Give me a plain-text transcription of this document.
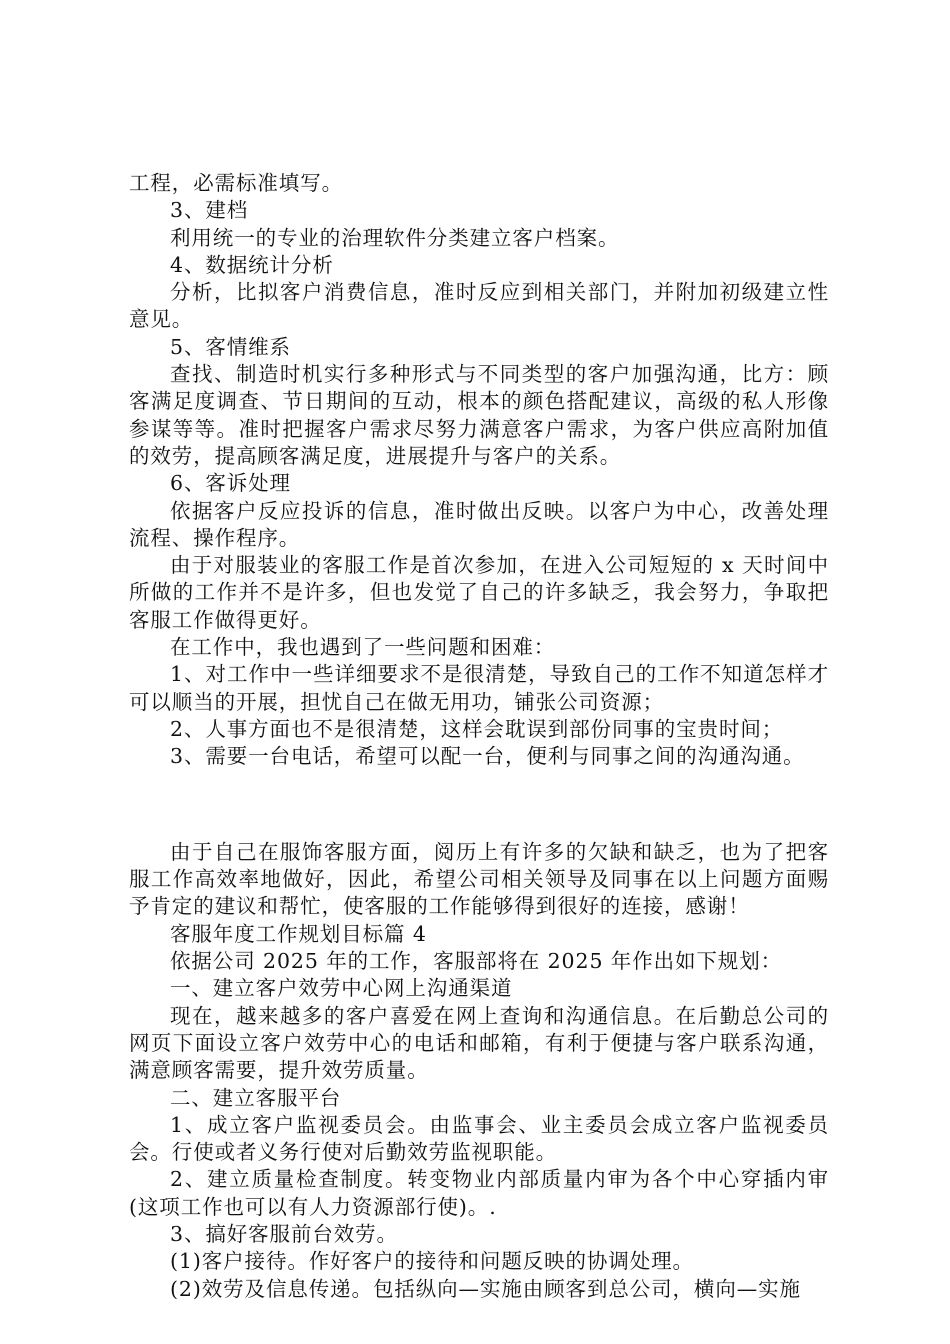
工程，必需标准填写。

3、建档

利用统一的专业的治理软件分类建立客户档案。

4、数据统计分析

分析，比拟客户消费信息，准时反应到相关部门，并附加初级建立性意见。

5、客情维系

查找、制造时机实行多种形式与不同类型的客户加强沟通，比方：顾客满足度调查、节日期间的互动，根本的颜色搭配建议，高级的私人形像参谋等等。准时把握客户需求尽努力满意客户需求，为客户供应高附加值的效劳，提高顾客满足度，进展提升与客户的关系。

6、客诉处理

依据客户反应投诉的信息，准时做出反映。以客户为中心，改善处理流程、操作程序。

由于对服装业的客服工作是首次参加，在进入公司短短的 x 天时间中所做的工作并不是许多，但也发觉了自己的许多缺乏，我会努力，争取把客服工作做得更好。

在工作中，我也遇到了一些问题和困难：

1、对工作中一些详细要求不是很清楚，导致自己的工作不知道怎样才可以顺当的开展，担忧自己在做无用功，铺张公司资源；

2、人事方面也不是很清楚，这样会耽误到部份同事的宝贵时间；

3、需要一台电话，希望可以配一台，便利与同事之间的沟通沟通。

由于自己在服饰客服方面，阅历上有许多的欠缺和缺乏，也为了把客服工作高效率地做好，因此，希望公司相关领导及同事在以上问题方面赐予肯定的建议和帮忙，使客服的工作能够得到很好的连接，感谢！

客服年度工作规划目标篇 4

依据公司 2025 年的工作，客服部将在 2025 年作出如下规划：

一、建立客户效劳中心网上沟通渠道

现在，越来越多的客户喜爱在网上查询和沟通信息。在后勤总公司的网页下面设立客户效劳中心的电话和邮箱，有利于便捷与客户联系沟通，满意顾客需要，提升效劳质量。

二、建立客服平台

1、成立客户监视委员会。由监事会、业主委员会成立客户监视委员会。行使或者义务行使对后勤效劳监视职能。

2、建立质量检查制度。转变物业内部质量内审为各个中心穿插内审(这项工作也可以有人力资源部行使)。.

3、搞好客服前台效劳。

(1)客户接待。作好客户的接待和问题反映的协调处理。

(2)效劳及信息传递。包括纵向—实施由顾客到总公司，横向—实施
